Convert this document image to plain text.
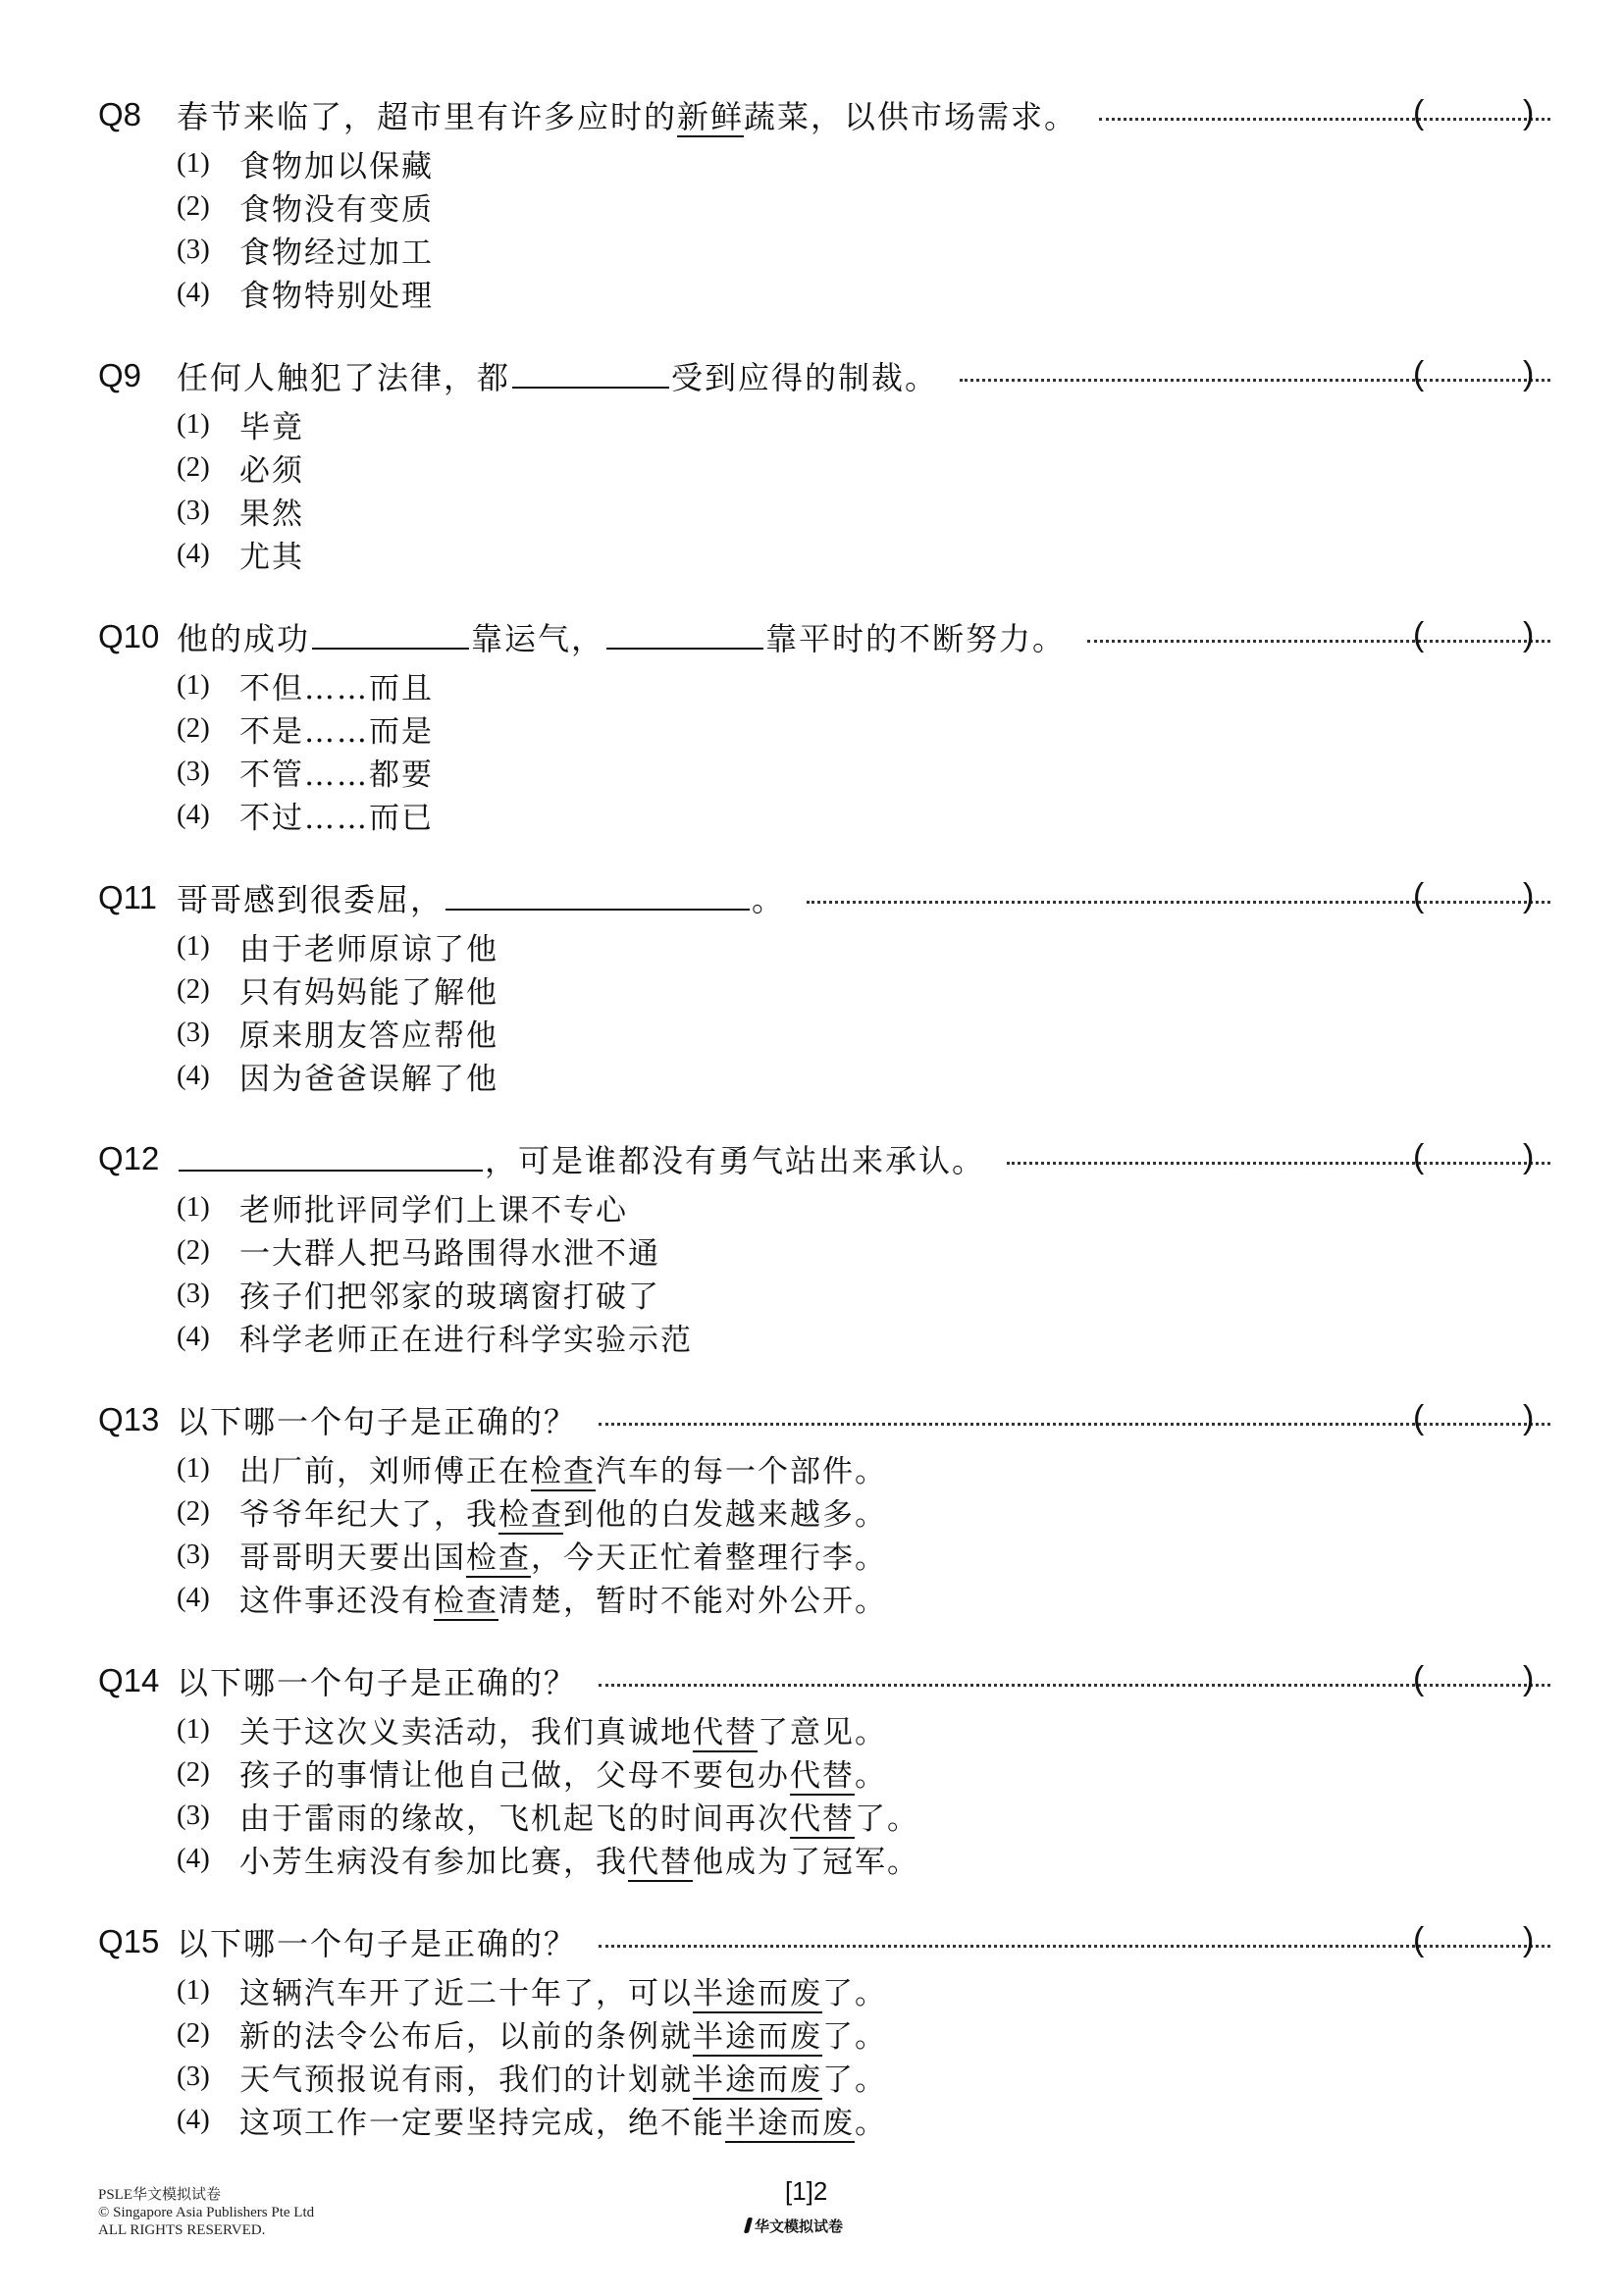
Q8	春节来临了，超市里有许多应时的新鲜蔬菜，以供市场需求。	(	)
(1) 食物加以保藏
(2) 食物没有变质
(3) 食物经过加工
(4) 食物特别处理
Q9	任何人触犯了法律，都	受到应得的制裁。	(	)
(1) 毕竟
(2) 必须
(3) 果然
(4) 尤其
Q10 他的成功	靠运气，	靠平时的不断努力。	(	)
(1) 不但……而且
(2) 不是……而是
(3) 不管……都要
(4) 不过……而已
Q11 哥哥感到很委屈，	。	(	)
(1) 由于老师原谅了他
(2) 只有妈妈能了解他
(3) 原来朋友答应帮他
(4) 因为爸爸误解了他
Q12	，可是谁都没有勇气站出来承认。	(	)
(1) 老师批评同学们上课不专心
(2) 一大群人把马路围得水泄不通
(3) 孩子们把邻家的玻璃窗打破了
(4) 科学老师正在进行科学实验示范
Q13 以下哪一个句子是正确的？	(	)
(1) 出厂前，刘师傅正在检查汽车的每一个部件。
(2) 爷爷年纪大了，我检查到他的白发越来越多。
(3) 哥哥明天要出国检查，今天正忙着整理行李。
(4) 这件事还没有检查清楚，暂时不能对外公开。
Q14 以下哪一个句子是正确的？	(	)
(1) 关于这次义卖活动，我们真诚地代替了意见。
(2) 孩子的事情让他自己做，父母不要包办代替。
(3) 由于雷雨的缘故，飞机起飞的时间再次代替了。
(4) 小芳生病没有参加比赛，我代替他成为了冠军。
Q15 以下哪一个句子是正确的？	(	)
(1) 这辆汽车开了近二十年了，可以半途而废了。
(2) 新的法令公布后，以前的条例就半途而废了。
(3) 天气预报说有雨，我们的计划就半途而废了。
(4) 这项工作一定要坚持完成，绝不能半途而废。
PSLE华文模拟试卷
© Singapore Asia Publishers Pte Ltd
ALL RIGHTS RESERVED.
[1]2
华文模拟试卷
